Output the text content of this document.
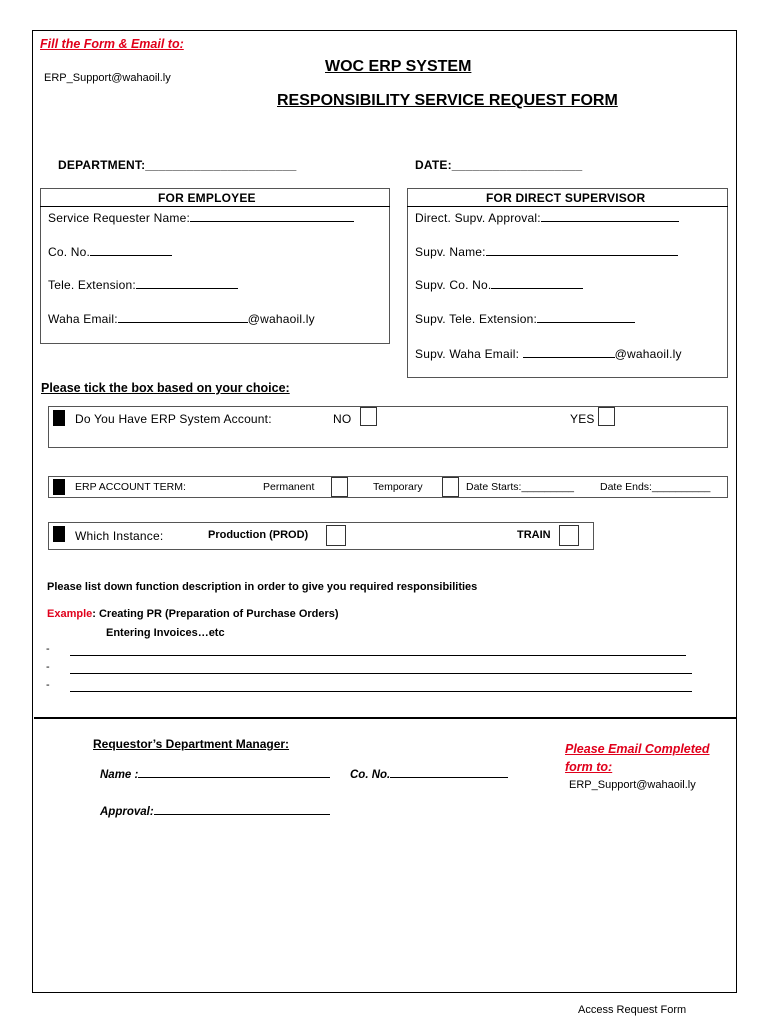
Fill the Form & Email to:
ERP_Support@wahaoil.ly
WOC ERP SYSTEM
RESPONSIBILITY SERVICE REQUEST FORM
DEPARTMENT:______________________	DATE:___________________
FOR EMPLOYEE
Service Requester Name:
Co. No.
Tele. Extension:
Waha Email:	@wahaoil.ly
FOR DIRECT SUPERVISOR
Direct. Supv. Approval:
Supv. Name:
Supv. Co. No.
Supv. Tele. Extension:
Supv. Waha Email:	@wahaoil.ly
Please tick the box based on your choice:
Do You Have ERP System Account:	NO	YES
ERP ACCOUNT TERM:	Permanent	Temporary	Date Starts:_________ Date Ends:__________
Which Instance:	Production (PROD)	TRAIN
Please list down function description in order to give you required responsibilities
Example: Creating PR (Preparation of Purchase Orders)
Entering Invoices…etc
-
-
-
Requestor’s Department Manager:
Name :	Co. No.
Approval:
Please Email Completed form to:
ERP_Support@wahaoil.ly
Access Request Form
